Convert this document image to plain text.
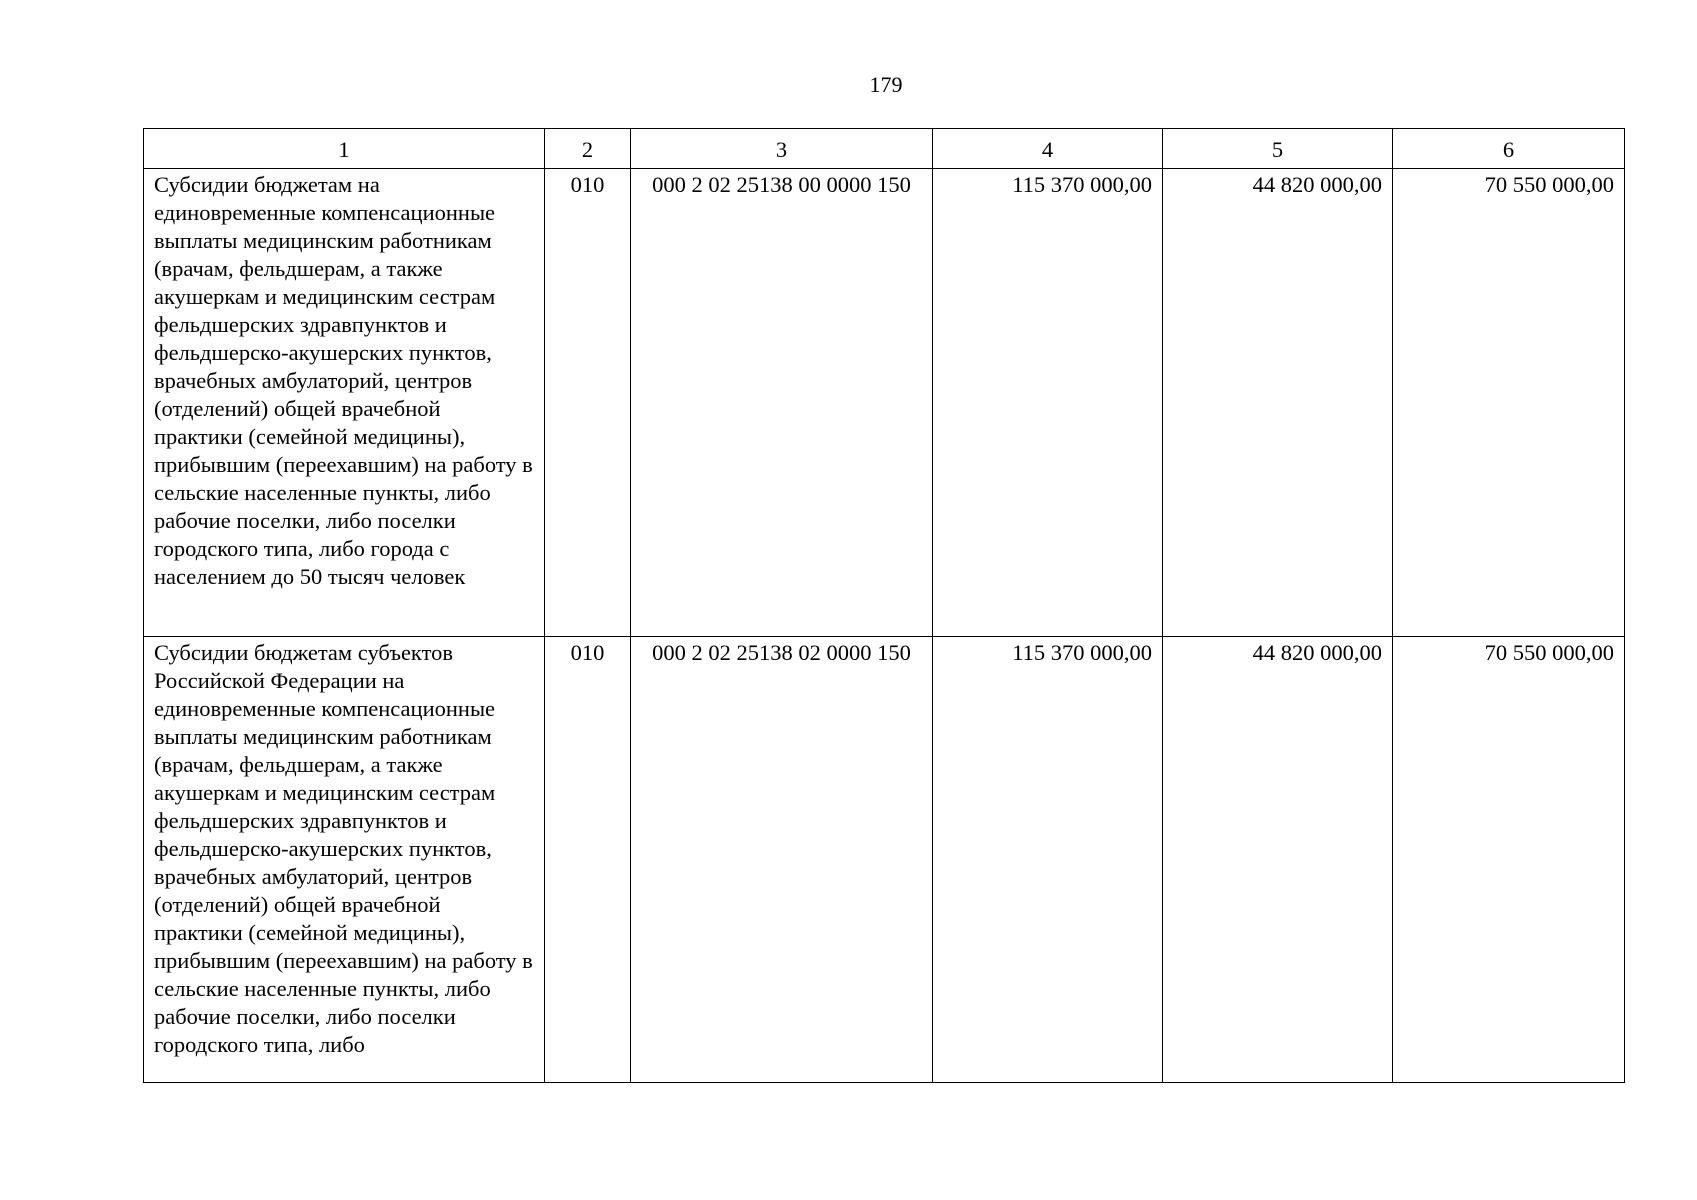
179
1	2	3	4	5	6
Субсидии бюджетам на единовременные компенсационные выплаты медицинским работникам (врачам, фельдшерам, а также акушеркам и медицинским сестрам фельдшерских здравпунктов и фельдшерско-акушерских пунктов, врачебных амбулаторий, центров (отделений) общей врачебной практики (семейной медицины), прибывшим (переехавшим) на работу в сельские населенные пункты, либо рабочие поселки, либо поселки городского типа, либо города с населением до 50 тысяч человек	010	000 2 02 25138 00 0000 150	115 370 000,00	44 820 000,00	70 550 000,00
Субсидии бюджетам субъектов Российской Федерации на единовременные компенсационные выплаты медицинским работникам (врачам, фельдшерам, а также акушеркам и медицинским сестрам фельдшерских здравпунктов и фельдшерско-акушерских пунктов, врачебных амбулаторий, центров (отделений) общей врачебной практики (семейной медицины), прибывшим (переехавшим) на работу в сельские населенные пункты, либо рабочие поселки, либо поселки городского типа, либо	010	000 2 02 25138 02 0000 150	115 370 000,00	44 820 000,00	70 550 000,00
